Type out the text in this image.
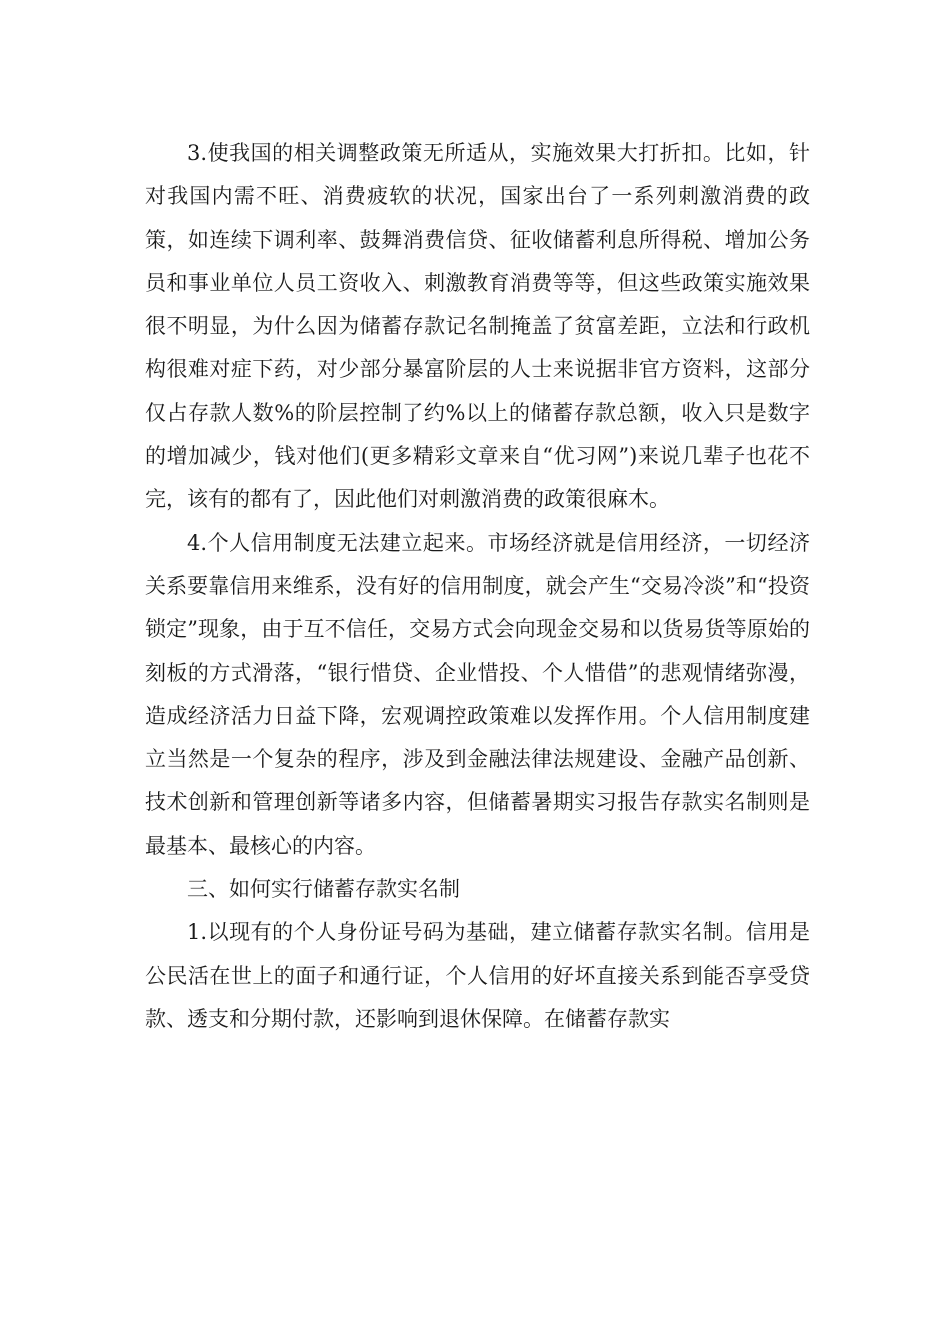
3.使我国的相关调整政策无所适从，实施效果大打折扣。比如，针对我国内需不旺、消费疲软的状况，国家出台了一系列刺激消费的政策，如连续下调利率、鼓舞消费信贷、征收储蓄利息所得税、增加公务员和事业单位人员工资收入、刺激教育消费等等，但这些政策实施效果很不明显，为什么因为储蓄存款记名制掩盖了贫富差距，立法和行政机构很难对症下药，对少部分暴富阶层的人士来说据非官方资料，这部分仅占存款人数%的阶层控制了约%以上的储蓄存款总额，收入只是数字的增加减少，钱对他们(更多精彩文章来自“优习网”)来说几辈子也花不完，该有的都有了，因此他们对刺激消费的政策很麻木。

4.个人信用制度无法建立起来。市场经济就是信用经济，一切经济关系要靠信用来维系，没有好的信用制度，就会产生“交易冷淡”和“投资锁定”现象，由于互不信任，交易方式会向现金交易和以货易货等原始的刻板的方式滑落，“银行惜贷、企业惜投、个人惜借”的悲观情绪弥漫，造成经济活力日益下降，宏观调控政策难以发挥作用。个人信用制度建立当然是一个复杂的程序，涉及到金融法律法规建设、金融产品创新、技术创新和管理创新等诸多内容，但储蓄暑期实习报告存款实名制则是最基本、最核心的内容。

三、如何实行储蓄存款实名制

1.以现有的个人身份证号码为基础，建立储蓄存款实名制。信用是公民活在世上的面子和通行证，个人信用的好坏直接关系到能否享受贷款、透支和分期付款，还影响到退休保障。在储蓄存款实
